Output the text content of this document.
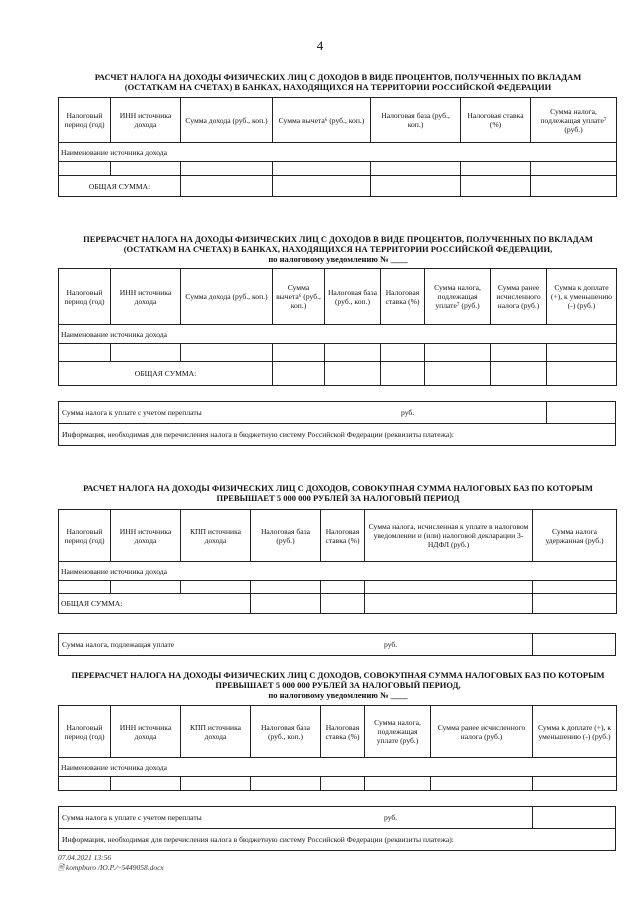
4
РАСЧЕТ НАЛОГА НА ДОХОДЫ ФИЗИЧЕСКИХ ЛИЦ С ДОХОДОВ В ВИДЕ ПРОЦЕНТОВ, ПОЛУЧЕННЫХ ПО ВКЛАДАМ
(ОСТАТКАМ НА СЧЕТАХ) В БАНКАХ, НАХОДЯЩИХСЯ НА ТЕРРИТОРИИ РОССИЙСКОЙ ФЕДЕРАЦИИ
Налоговый период (год)	ИНН источника дохода	Сумма дохода (руб., коп.)	Сумма вычета⁶ (руб., коп.)	Налоговая база (руб., коп.)	Налоговая ставка (%)	Сумма налога, подлежащая уплате⁷ (руб.)
Наименование источника дохода						

ОБЩАЯ СУММА:						
ПЕРЕРАСЧЕТ НАЛОГА НА ДОХОДЫ ФИЗИЧЕСКИХ ЛИЦ С ДОХОДОВ В ВИДЕ ПРОЦЕНТОВ, ПОЛУЧЕННЫХ ПО ВКЛАДАМ
(ОСТАТКАМ НА СЧЕТАХ) В БАНКАХ, НАХОДЯЩИХСЯ НА ТЕРРИТОРИИ РОССИЙСКОЙ ФЕДЕРАЦИИ,
по налоговому уведомлению № ____
Налоговый период (год)	ИНН источника дохода	Сумма дохода (руб., коп.)	Сумма вычета⁶ (руб., коп.)	Налоговая база (руб., коп.)	Налоговая ставка (%)	Сумма налога, подлежащая уплате⁷ (руб.)	Сумма ранее исчисленного налога (руб.)	Сумма к доплате (+), к уменьшению (-) (руб.)
Наименование источника дохода								

ОБЩАЯ СУММА:								
Сумма налога к уплате с учетом переплаты	руб.
Информация, необходимая для перечисления налога в бюджетную систему Российской Федерации (реквизиты платежа):
РАСЧЕТ НАЛОГА НА ДОХОДЫ ФИЗИЧЕСКИХ ЛИЦ С ДОХОДОВ, СОВОКУПНАЯ СУММА НАЛОГОВЫХ БАЗ ПО КОТОРЫМ
ПРЕВЫШАЕТ 5 000 000 РУБЛЕЙ ЗА НАЛОГОВЫЙ ПЕРИОД
Налоговый период (год)	ИНН источника дохода	КПП источника дохода	Налоговая база (руб.)	Налоговая ставка (%)	Сумма налога, исчисленная к уплате в налоговом уведомлении и (или) налоговой декларации 3-НДФЛ (руб.)	Сумма налога удержанная (руб.)
Наименование источника дохода						

ОБЩАЯ СУММА:						
Сумма налога, подлежащая уплате	руб.
ПЕРЕРАСЧЕТ НАЛОГА НА ДОХОДЫ ФИЗИЧЕСКИХ ЛИЦ С ДОХОДОВ, СОВОКУПНАЯ СУММА НАЛОГОВЫХ БАЗ ПО КОТОРЫМ
ПРЕВЫШАЕТ 5 000 000 РУБЛЕЙ ЗА НАЛОГОВЫЙ ПЕРИОД,
по налоговому уведомлению № ____
Налоговый период (год)	ИНН источника дохода	КПП источника дохода	Налоговая база (руб., коп.)	Налоговая ставка (%)	Сумма налога, подлежащая уплате (руб.)	Сумма ранее исчисленного налога (руб.)	Сумма к доплате (+), к уменьшению (-) (руб.)
Наименование источника дохода							

Сумма налога к уплате с учетом переплаты	руб.
Информация, необходимая для перечисления налога в бюджетную систему Российской Федерации (реквизиты платежа):
07.04.2021 13:56
🗎 kompburo /Ю.Р./~5449058.docx
